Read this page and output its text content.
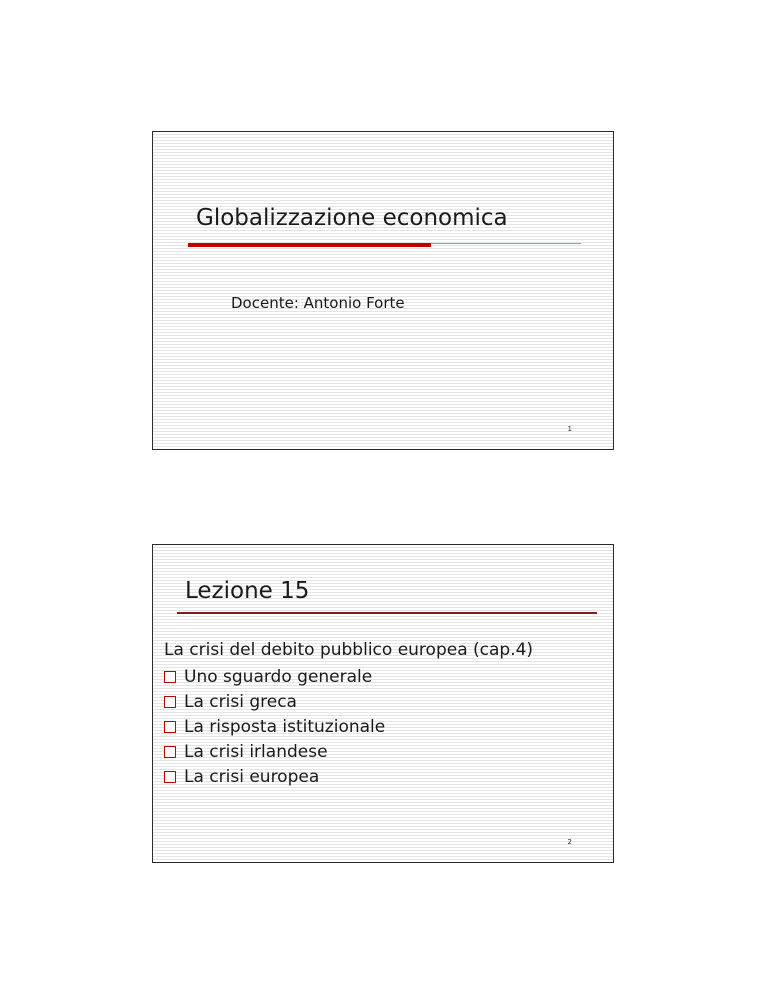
Globalizzazione economica
Docente: Antonio Forte
1
Lezione 15
La crisi del debito pubblico europea (cap.4)
Uno sguardo generale
La crisi greca
La risposta istituzionale
La crisi irlandese
La crisi europea
2
